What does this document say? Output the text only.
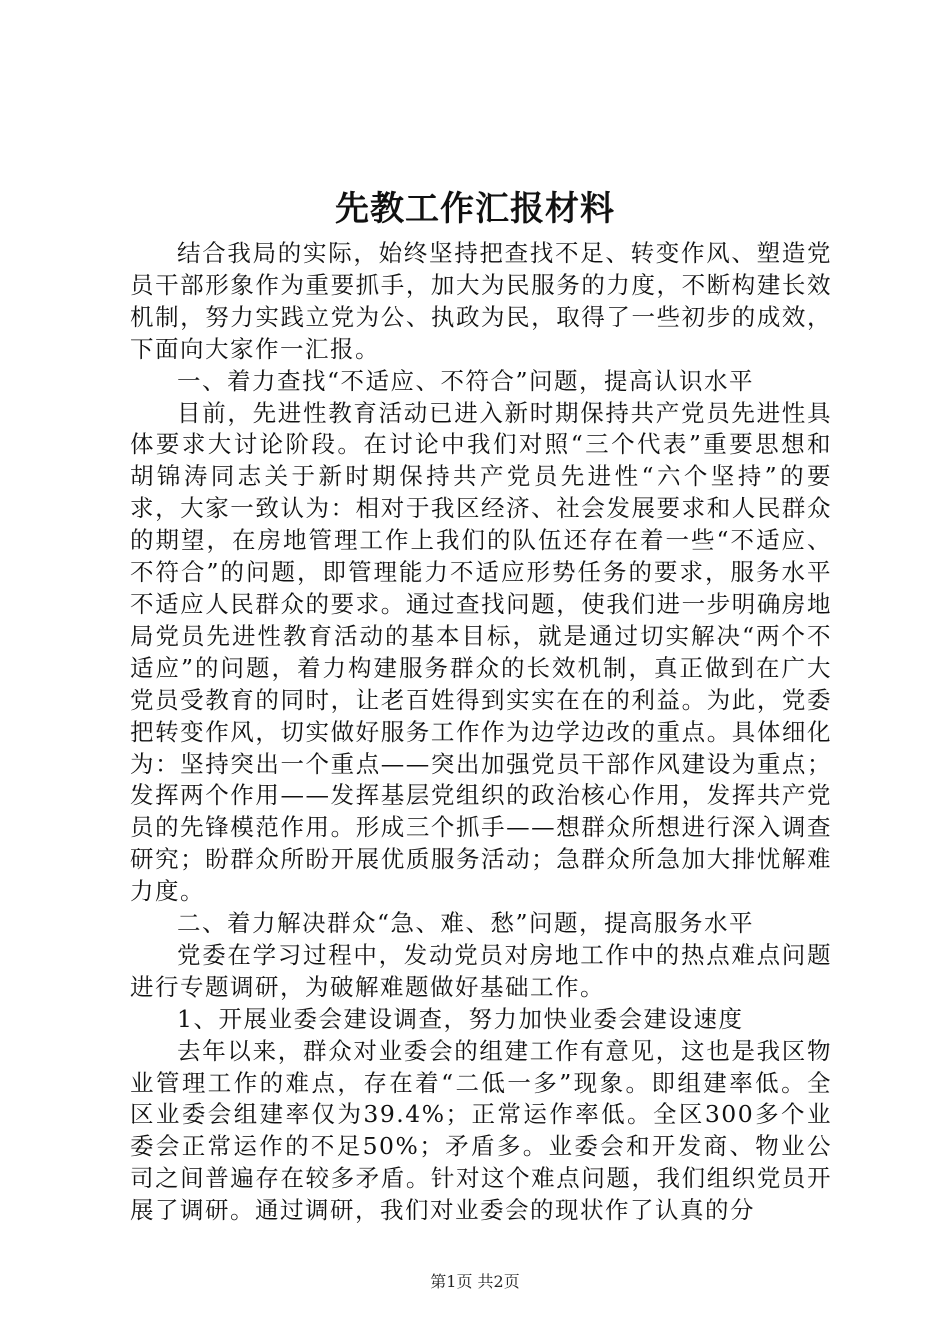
先教工作汇报材料

结合我局的实际，始终坚持把查找不足、转变作风、塑造党员干部形象作为重要抓手，加大为民服务的力度，不断构建长效机制，努力实践立党为公、执政为民，取得了一些初步的成效，下面向大家作一汇报。

一、着力查找“不适应、不符合”问题，提高认识水平

目前，先进性教育活动已进入新时期保持共产党员先进性具体要求大讨论阶段。在讨论中我们对照“三个代表”重要思想和胡锦涛同志关于新时期保持共产党员先进性“六个坚持”的要求，大家一致认为：相对于我区经济、社会发展要求和人民群众的期望，在房地管理工作上我们的队伍还存在着一些“不适应、不符合”的问题，即管理能力不适应形势任务的要求，服务水平不适应人民群众的要求。通过查找问题，使我们进一步明确房地局党员先进性教育活动的基本目标，就是通过切实解决“两个不适应”的问题，着力构建服务群众的长效机制，真正做到在广大党员受教育的同时，让老百姓得到实实在在的利益。为此，党委把转变作风，切实做好服务工作作为边学边改的重点。具体细化为：坚持突出一个重点——突出加强党员干部作风建设为重点；发挥两个作用——发挥基层党组织的政治核心作用，发挥共产党员的先锋模范作用。形成三个抓手——想群众所想进行深入调查研究；盼群众所盼开展优质服务活动；急群众所急加大排忧解难力度。

二、着力解决群众“急、难、愁”问题，提高服务水平

党委在学习过程中，发动党员对房地工作中的热点难点问题进行专题调研，为破解难题做好基础工作。

1、开展业委会建设调查，努力加快业委会建设速度

去年以来，群众对业委会的组建工作有意见，这也是我区物业管理工作的难点，存在着“二低一多”现象。即组建率低。全区业委会组建率仅为39.4%；正常运作率低。全区300多个业委会正常运作的不足50%；矛盾多。业委会和开发商、物业公司之间普遍存在较多矛盾。针对这个难点问题，我们组织党员开展了调研。通过调研，我们对业委会的现状作了认真的分

第1页 共2页
